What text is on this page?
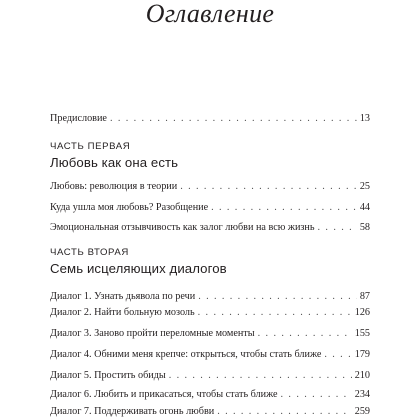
Оглавление
Предисловие . . .	13
ЧАСТЬ ПЕРВАЯ
Любовь как она есть
Любовь: революция в теории . . .	25
Куда ушла моя любовь? Разобщение . . .	44
Эмоциональная отзывчивость как залог любви на всю жизнь . . .	58
ЧАСТЬ ВТОРАЯ
Семь исцеляющих диалогов
Диалог 1. Узнать дьявола по речи . . .	87
Диалог 2. Найти больную мозоль . . .	126
Диалог 3. Заново пройти переломные моменты . . .	155
Диалог 4. Обними меня крепче: открыться, чтобы стать ближе . . .	179
Диалог 5. Простить обиды . . .	210
Диалог 6. Любить и прикасаться, чтобы стать ближе . . .	234
Диалог 7. Поддерживать огонь любви . . .	259
